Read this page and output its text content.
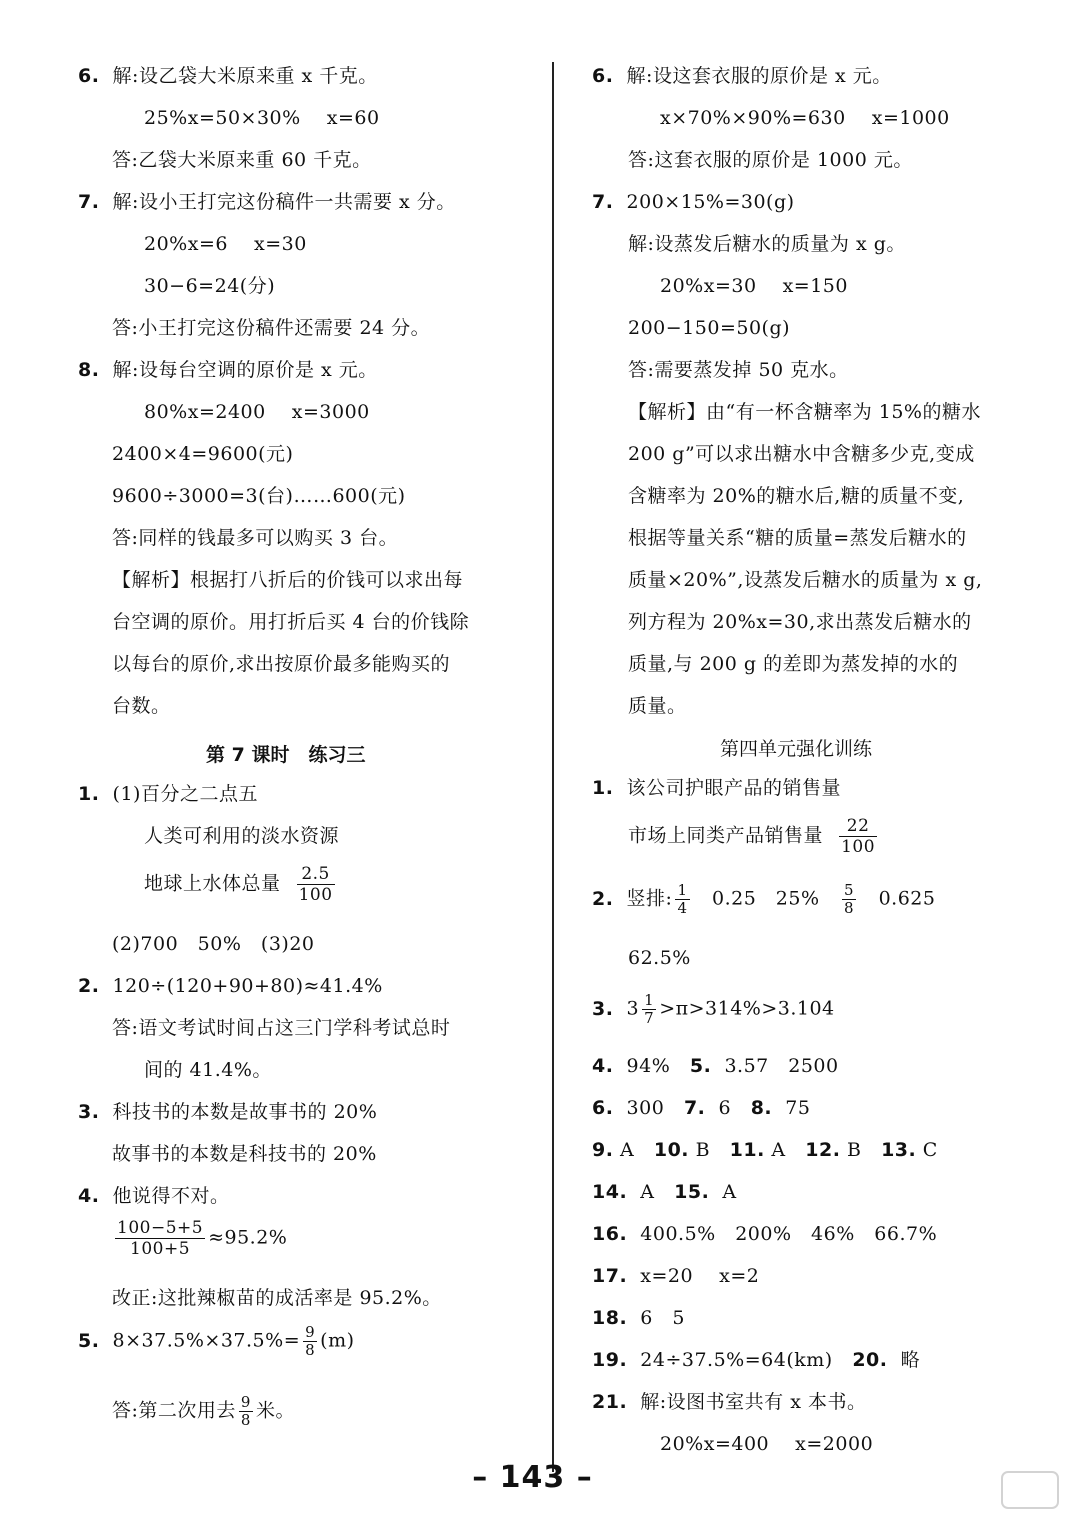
6. 解:设乙袋大米原来重 x 千克。
25%x=50×30%　 x=60
答:乙袋大米原来重 60 千克。
7. 解:设小王打完这份稿件一共需要 x 分。
20%x=6　 x=30
30−6=24(分)
答:小王打完这份稿件还需要 24 分。
8. 解:设每台空调的原价是 x 元。
80%x=2400　 x=3000
2400×4=9600(元)
9600÷3000=3(台)……600(元)
答:同样的钱最多可以购买 3 台。
【解析】根据打八折后的价钱可以求出每
台空调的原价。用打折后买 4 台的价钱除
以每台的原价,求出按原价最多能购买的
台数。
第 7 课时　练习三
1. (1)百分之二点五
人类可利用的淡水资源
地球上水体总量 $\frac{2.5}{100}$
(2)700　50%　(3)20
2. 120÷(120+90+80)≈41.4%
答:语文考试时间占这三门学科考试总时
间的 41.4%。
3. 科技书的本数是故事书的 20%
故事书的本数是科技书的 20%
4. 他说得不对。
$\frac{100-5+5}{100+5} \approx 95.2\%$
改正:这批辣椒苗的成活率是 95.2%。
5. $8\times 37.5\%\times 37.5\%= \frac{9}{8} (m)$
答:第二次用去 $\frac{9}{8}$ 米。
6. 解:设这套衣服的原价是 x 元。
x×70%×90%=630　 x=1000
答:这套衣服的原价是 1000 元。
7. 200×15%=30(g)
解:设蒸发后糖水的质量为 x g。
20%x=30　 x=150
200−150=50(g)
答:需要蒸发掉 50 克水。
【解析】由“有一杯含糖率为 15%的糖水
200 g”可以求出糖水中含糖多少克,变成
含糖率为 20%的糖水后,糖的质量不变,
根据等量关系“糖的质量=蒸发后糖水的
质量×20%”,设蒸发后糖水的质量为 x g,
列方程为 20%x=30,求出蒸发后糖水的
质量,与 200 g 的差即为蒸发掉的水的
质量。
第四单元强化训练
1. 该公司护眼产品的销售量
市场上同类产品销售量 $\frac{22}{100}$
2. 竖排: $\frac{1}{4}$ 　0.25　25%　 $\frac{5}{8}$ 　0.625
62.5%
3. $3 \frac{1}{7} >\pi>314\%>3.104$
4. 94% 5. 3.57　2500
6. 300 7. 6 8. 75
9. A 10. B 11. A 12. B 13. C
14. A 15. A
16. 400.5%　200%　46%　66.7%
17. x=20　 x=2
18. 6　5
19. 24÷37.5%=64(km) 20. 略
21. 解:设图书室共有 x 本书。
20%x=400　 x=2000
– 143 –
